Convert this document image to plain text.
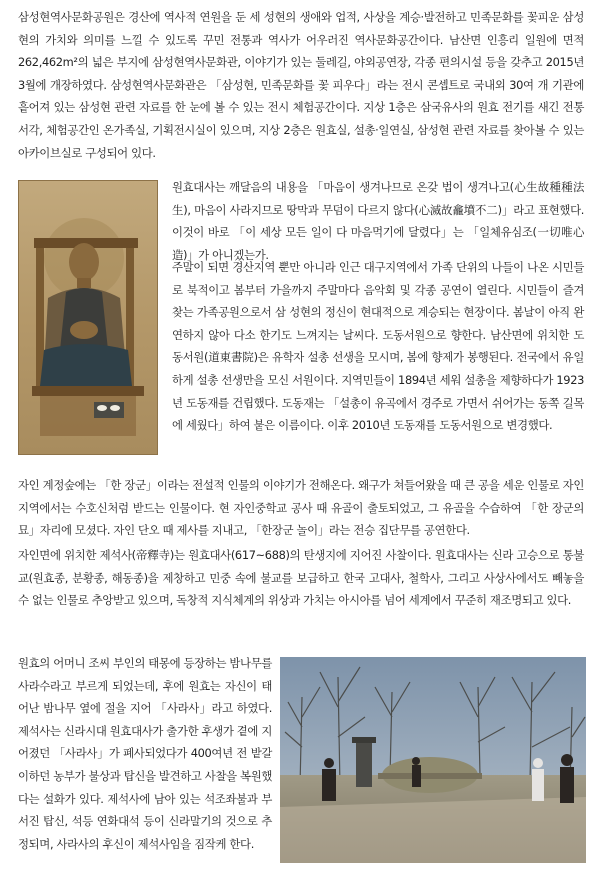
삼성현역사문화공원은 경산에 역사적 연원을 둔 세 성현의 생애와 업적, 사상을 계승·발전하고 민족문화를 꽃피운 삼성현의 가치와 의미를 느낄 수 있도록 꾸민 전통과 역사가 어우러진 역사문화공간이다. 남산면 인흥리 일원에 면적 262,462m²의 넓은 부지에 삼성현역사문화관, 이야기가 있는 둘레길, 야외공연장, 각종 편의시설 등을 갖추고 2015년 3월에 개장하였다. 삼성현역사문화관은 「삼성현, 민족문화를 꽃 피우다」라는 전시 콘셉트로 국내외 30여 개 기관에 흩어져 있는 삼성현 관련 자료를 한 눈에 볼 수 있는 전시 체험공간이다. 지상 1층은 삼국유사의 원효 전기를 새긴 전통서각, 체험공간인 온가족실, 기획전시실이 있으며, 지상 2층은 원효실, 설총·일연실, 삼성현 관련 자료를 찾아볼 수 있는 아카이브실로 구성되어 있다.

원효대사는 깨달음의 내용을 「마음이 생겨나므로 온갖 법이 생겨나고(心生故種種法生), 마음이 사라지므로 땅막과 무덤이 다르지 않다(心滅故龕墳不二)」라고 표현했다. 이것이 바로 「이 세상 모든 일이 다 마음먹기에 달렸다」는 「일체유심조(一切唯心造)」가 아니겠는가.

주말이 되면 경산지역 뿐만 아니라 인근 대구지역에서 가족 단위의 나들이 나온 시민들로 북적이고 봄부터 가을까지 주말마다 음악회 및 각종 공연이 열린다. 시민들이 즐겨 찾는 가족공원으로서 삼 성현의 정신이 현대적으로 계승되는 현장이다. 봄날이 아직 완연하지 않아 다소 한기도 느껴지는 날씨다. 도동서원으로 향한다. 남산면에 위치한 도동서원(道東書院)은 유학자 설총 선생을 모시며, 봄에 향제가 봉행된다. 전국에서 유일하게 설총 선생만을 모신 서원이다. 지역민들이 1894년 세워 설총을 제향하다가 1923년 도동재를 건립했다. 도동재는 「설총이 유곡에서 경주로 가면서 쉬어가는 동쪽 길목에 세웠다」하여 붙은 이름이다. 이후 2010년 도동재를 도동서원으로 변경했다.

자인 계정숲에는 「한 장군」이라는 전설적 인물의 이야기가 전해온다. 왜구가 쳐들어왔을 때 큰 공을 세운 인물로 자인 지역에서는 수호신처럼 받드는 인물이다. 현 자인중학교 공사 때 유골이 출토되었고, 그 유골을 수습하여 「한 장군의 묘」자리에 모셨다. 자인 단오 때 제사를 지내고, 「한장군 놀이」라는 전승 집단무를 공연한다.

자인면에 위치한 제석사(帝釋寺)는 원효대사(617~688)의 탄생지에 지어진 사찰이다. 원효대사는 신라 고승으로 통불교(원효종, 분황종, 해동종)을 제창하고 민중 속에 불교를 보급하고 한국 고대사, 철학사, 그리고 사상사에서도 빼놓을 수 없는 인물로 추앙받고 있으며, 독창적 지식체계의 위상과 가치는 아시아를 넘어 세계에서 꾸준히 재조명되고 있다.

원효의 어머니 조씨 부인의 태몽에 등장하는 밤나무를 사라수라고 부르게 되었는데, 후에 원효는 자신이 태어난 밤나무 옆에 절을 지어 「사라사」라고 하였다. 제석사는 신라시대 원효대사가 출가한 후생가 곁에 지어졌던 「사라사」가 폐사되었다가 400여년 전 밭갈이하던 농부가 불상과 탑신을 발견하고 사찰을 복원했다는 설화가 있다. 제석사에 남아 있는 석조좌불과 부서진 탑신, 석등 연화대석 등이 신라말기의 것으로 추정되며, 사라사의 후신이 제석사임을 짐작케 한다.
